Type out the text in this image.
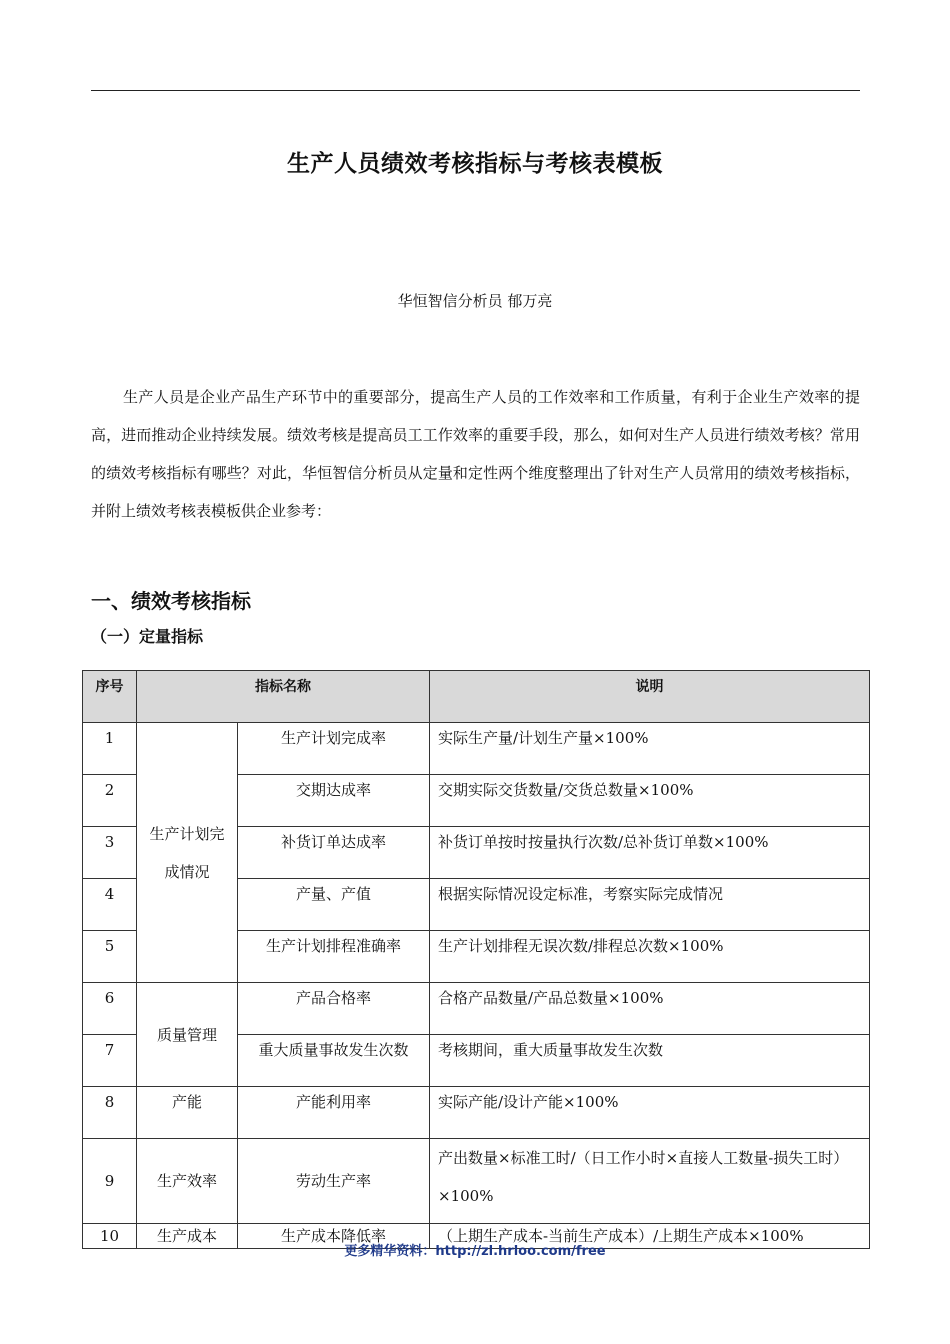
生产人员绩效考核指标与考核表模板
华恒智信分析员 郁万亮
生产人员是企业产品生产环节中的重要部分，提高生产人员的工作效率和工作质量，有利于企业生产效率的提高，进而推动企业持续发展。绩效考核是提高员工工作效率的重要手段，那么，如何对生产人员进行绩效考核？常用的绩效考核指标有哪些？对此，华恒智信分析员从定量和定性两个维度整理出了针对生产人员常用的绩效考核指标，并附上绩效考核表模板供企业参考：
一、绩效考核指标
（一）定量指标
序号	指标名称		说明
1	生产计划完成情况	生产计划完成率	实际生产量/计划生产量×100%
2		交期达成率	交期实际交货数量/交货总数量×100%
3		补货订单达成率	补货订单按时按量执行次数/总补货订单数×100%
4		产量、产值	根据实际情况设定标准，考察实际完成情况
5		生产计划排程准确率	生产计划排程无误次数/排程总次数×100%
6	质量管理	产品合格率	合格产品数量/产品总数量×100%
7		重大质量事故发生次数	考核期间，重大质量事故发生次数
8	产能	产能利用率	实际产能/设计产能×100%
9	生产效率	劳动生产率	产出数量×标准工时/（日工作小时×直接人工数量-损失工时）×100%
10	生产成本	生产成本降低率	（上期生产成本-当前生产成本）/上期生产成本×100%
更多精华资料：http://zl.hrloo.com/free
